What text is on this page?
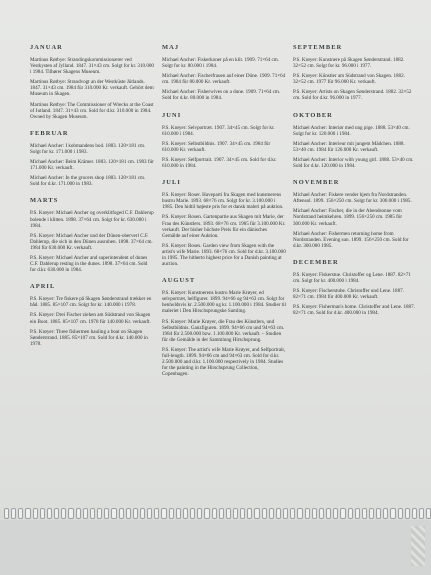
JANUAR

Martinus Rørbye: Strandingskommissionærer ved Vestkysten af Jylland. 1847. 31×43 cm. Solgt for kr. 310.000 i 1984. Tilhører Skagens Museum.

Martinus Rørbye: Strandvogt an der Westküste Jütlands. 1847. 31×43 cm. 1984 für 310.000 Kr. verkauft. Gehört dem Museum in Skagen.

Martinus Rørbye: The Commissioner of Wrecks at the Coast of Jutland. 1847. 31×43 cm. Sold for d.kr. 310.000 in 1984. Owned by Skagen Museum.

FEBRUAR

Michael Ancher: I kobmandens bod. 1883. 120×181 cm. Solgt for kr. 171.000 i 1983.

Michael Ancher: Beim Krämer. 1883. 120×181 cm. 1983 für 171.000 Kr. verkauft.

Michael Ancher: In the grocers shop 1883. 120×181 cm. Sold for d.kr. 171.000 in 1983.

MARTS

P.S. Krøyer: Michael Ancher og overklitfoged C.F. Dahlerup bolende i klitten. 1898. 37×64 cm. Solgt for kr. 630.000 i 1984.

P.S. Krøyer: Michael Ancher und der Dünen-oberverl C.F. Dahlerup, die sich in den Dünen ausruhen. 1898. 37×64 cm. 1984 für 630.000 Kr. verkauft.

P.S. Krøyer: Michael Ancher and superintendent of dunes C.F. Dahlerup resting in the dunes. 1898. 37×64 cm. Sold for d.kr. 630.000 in 1984.

APRIL

P.S. Krøyer: Tre fiskere på Skagen Sønderstrand trækker en båd. 1885. 85×107 cm. Solgt for kr. 140.000 i 1978.

P.S. Krøyer: Drei Fischer ziehen am Südstrand von Skagen ein Boot. 1885. 85×107 cm. 1978 für 140.000 Kr. verkauft.

P.S. Krøyer: Three fishermen hauling a boat on Skagen Sønderstrand. 1885. 85×107 cm. Sold for d.kr. 140.000 in 1978.

MAJ

Michael Ancher: Fiskerkoner på en klit. 1909. 71×64 cm. Solgt for kr. 80.000 i 1984.

Michael Ancher: Fischerfrauen auf einer Düne. 1909. 71×64 cm. 1984 für 80.000 Kr. verkauft.

Michael Ancher: Fisherwives on a dune. 1909. 71×64 cm. Sold for d.kr. 80.000 in 1984.

JUNI

P.S. Krøyer: Selvportræt. 1907. 34×45 cm. Solgt for kr. 610.000 i 1984.

P.S. Krøyer: Selbstbildnis. 1907. 34×45 cm. 1984 für 610.000 Kr. verkauft.

P.S. Krøyer: Selfportrait. 1907. 34×45 cm. Sold for d.kr. 610.000 in 1984.

JULI

P.S. Krøyer: Roser. Havepartí fra Skagen med kunstnerens hustru Marie. 1893. 68×76 cm. Solgt for kr. 3.100.000 i 1985. Den hidtil højeste pris for et dansk maleri på auktion.

P.S. Krøyer: Rosen. Gartenpartie aus Skagen mit Marie, der Frau des Künstlers. 1893. 68×76 cm. 1985 für 3.100.000 Kr. verkauft. Der bisher höchste Preis für ein dänisches Gemälde auf einer Auktion.

P.S. Krøyer: Roses. Garden view from Skagen with the artist's wife Marie. 1893. 68×76 cm. Sold for d.kr. 3.100.000 in 1985. The hitherto highest price for a Danish painting at auction.

AUGUST

P.S. Krøyer: Kunstnerens hustru Marie Krøyer, ed selvportræt, helfigurer. 1899. 94×66 og 94×63 cm. Solgt for henholdsvis kr. 2.500.000 og kr. 1.100.000 i 1984. Studier til maleriet i Den Hirschsprungske Samling.

P.S. Krøyer: Marie Krøyer, die Frau des Künstlers, und Selbstbildnis. Ganzfiguren. 1899. 94×66 cm und 94×63 cm. 1984 für 2.500.000 bzw. 1.100.000 Kr. verkauft. – Studien für die Gemälde in der Sammlung Hirschsprung.

P.S. Krøyer: The artist's wife Marie Krøyer, and Selfportrait, full-length. 1899. 94×66 cm and 94×63 cm. Sold for d.kr. 2.500.000 and d.kr. 1.100.000 respectively in 1984. Studies for the painting in the Hirschsprung Collection, Copenhagen.

SEPTEMBER

P.S. Krøyer: Kunstnere på Skagen Sønderstrand. 1882. 32×52 cm. Solgt for kr. 96.000 i 1977.

P.S. Krøyer: Künstler am Südstrand von Skagen. 1882. 32×52 cm. 1977 für 96.000 Kr. verkauft.

P.S. Krøyer: Artists on Skagen Sønderstrand. 1882. 32×52 cm. Sold for d.kr. 96.000 in 1977.

OKTOBER

Michael Ancher: Interiør med ung pige. 1888. 53×40 cm. Solgt for kr. 120.000 i 1984.

Michael Ancher: Interieur mit jungem Mädchen. 1888. 53×40 cm. 1984 für 120.000 Kr. verkauft.

Michael Ancher: Interior with young girl. 1888. 53×40 cm. Sold for d.kr. 120.000 in 1984.

NOVEMBER

Michael Ancher: Fiskere vender hjem fra Nordstranden. Aftensol. 1899. 156×250 cm. Solgt for kr. 300.000 i 1985.

Michael Ancher: Fischer, die in der Abendsonne vom Nordstrand heimkehren. 1899. 156×250 cm. 1985 für 300.000 Kr. verkauft.

Michael Ancher: Fishermen returning home from Nordstranden. Evening sun. 1899. 156×250 cm. Sold for d.kr. 300.000 1985.

DECEMBER

P.S. Krøyer: Fiskerstue. Christoffer og Lene. 1887. 82×71 cm. Solgt for kr. 400.000 i 1984.

P.S. Krøyer: Fischerstube. Christoffer und Lene. 1887. 82×71 cm. 1984 für 400.000 Kr. verkauft.

P.S. Krøyer: Fisherman's home. Christoffer and Lene. 1887. 82×71 cm. Sold for d.kr. 400.000 in 1984.
